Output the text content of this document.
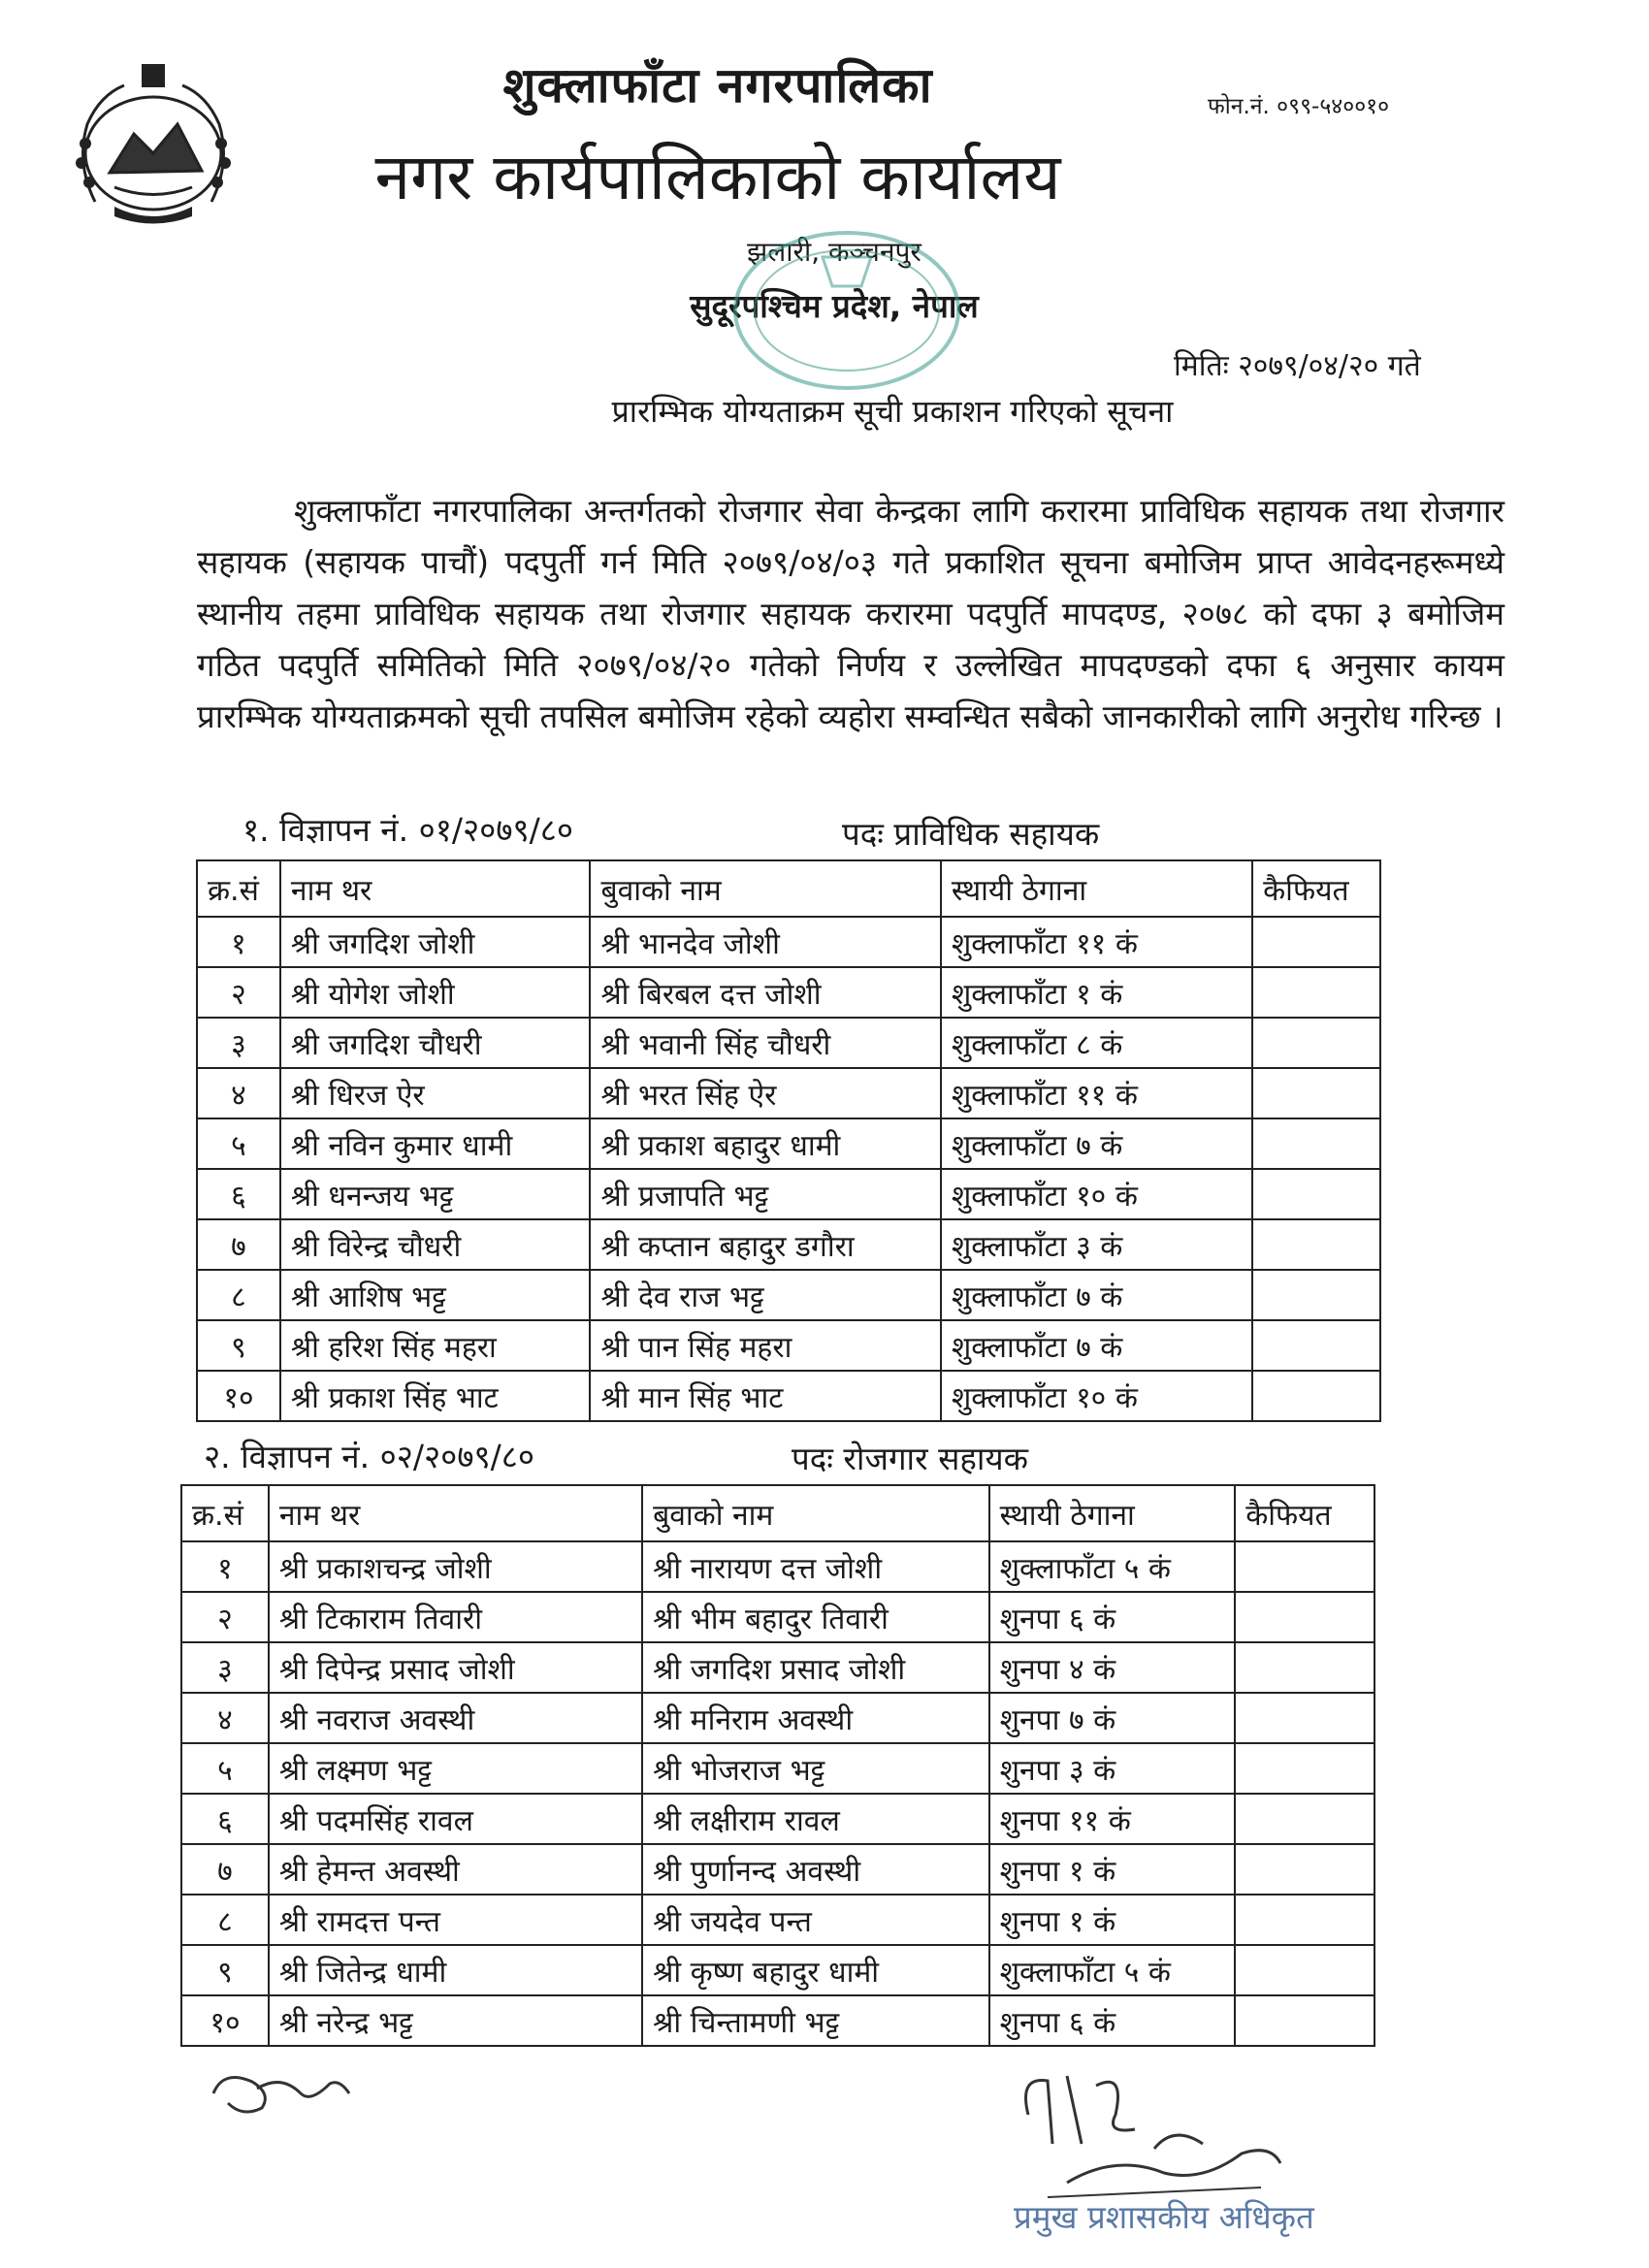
शुक्लाफाँटा नगरपालिका
नगर कार्यपालिकाको कार्यालय
फोन.नं. ०९९-५४००१०
झलारी, कञ्चनपुर
सुदूरपश्चिम प्रदेश, नेपाल
मितिः २०७९/०४/२० गते
प्रारम्भिक योग्यताक्रम सूची प्रकाशन गरिएको सूचना
शुक्लाफाँटा नगरपालिका अन्तर्गतको रोजगार सेवा केन्द्रका लागि करारमा प्राविधिक सहायक तथा रोजगार सहायक (सहायक पाचौं) पदपुर्ती गर्न मिति २०७९/०४/०३ गते प्रकाशित सूचना बमोजिम प्राप्त आवेदनहरूमध्ये स्थानीय तहमा प्राविधिक सहायक तथा रोजगार सहायक करारमा पदपुर्ति मापदण्ड, २०७८ को दफा ३ बमोजिम गठित पदपुर्ति समितिको मिति २०७९/०४/२० गतेको निर्णय र उल्लेखित मापदण्डको दफा ६ अनुसार कायम प्रारम्भिक योग्यताक्रमको सूची तपसिल बमोजिम रहेको व्यहोरा सम्वन्धित सबैको जानकारीको लागि अनुरोध गरिन्छ ।
१. विज्ञापन नं. ०१/२०७९/८०	पदः प्राविधिक सहायक
क्र.सं	नाम थर	बुवाको नाम	स्थायी ठेगाना	कैफियत
१	श्री जगदिश जोशी	श्री भानदेव जोशी	शुक्लाफाँटा ११ कं	
२	श्री योगेश जोशी	श्री बिरबल दत्त जोशी	शुक्लाफाँटा १ कं	
३	श्री जगदिश चौधरी	श्री भवानी सिंह चौधरी	शुक्लाफाँटा ८ कं	
४	श्री धिरज ऐर	श्री भरत सिंह ऐर	शुक्लाफाँटा ११ कं	
५	श्री नविन कुमार धामी	श्री प्रकाश बहादुर धामी	शुक्लाफाँटा ७ कं	
६	श्री धनन्जय भट्ट	श्री प्रजापति भट्ट	शुक्लाफाँटा १० कं	
७	श्री विरेन्द्र चौधरी	श्री कप्तान बहादुर डगौरा	शुक्लाफाँटा ३ कं	
८	श्री आशिष भट्ट	श्री देव राज भट्ट	शुक्लाफाँटा ७ कं	
९	श्री हरिश सिंह महरा	श्री पान सिंह महरा	शुक्लाफाँटा ७ कं	
१०	श्री प्रकाश सिंह भाट	श्री मान सिंह भाट	शुक्लाफाँटा १० कं	
२. विज्ञापन नं. ०२/२०७९/८०	पदः रोजगार सहायक
क्र.सं	नाम थर	बुवाको नाम	स्थायी ठेगाना	कैफियत
१	श्री प्रकाशचन्द्र जोशी	श्री नारायण दत्त जोशी	शुक्लाफाँटा ५ कं	
२	श्री टिकाराम तिवारी	श्री भीम बहादुर तिवारी	शुनपा ६ कं	
३	श्री दिपेन्द्र प्रसाद जोशी	श्री जगदिश प्रसाद जोशी	शुनपा ४ कं	
४	श्री नवराज अवस्थी	श्री मनिराम अवस्थी	शुनपा ७ कं	
५	श्री लक्ष्मण भट्ट	श्री भोजराज भट्ट	शुनपा ३ कं	
६	श्री पदमसिंह रावल	श्री लक्षीराम रावल	शुनपा ११ कं	
७	श्री हेमन्त अवस्थी	श्री पुर्णानन्द अवस्थी	शुनपा १ कं	
८	श्री रामदत्त पन्त	श्री जयदेव पन्त	शुनपा १ कं	
९	श्री जितेन्द्र धामी	श्री कृष्ण बहादुर धामी	शुक्लाफाँटा ५ कं	
१०	श्री नरेन्द्र भट्ट	श्री चिन्तामणी भट्ट	शुनपा ६ कं	
प्रमुख प्रशासकीय अधिकृत
